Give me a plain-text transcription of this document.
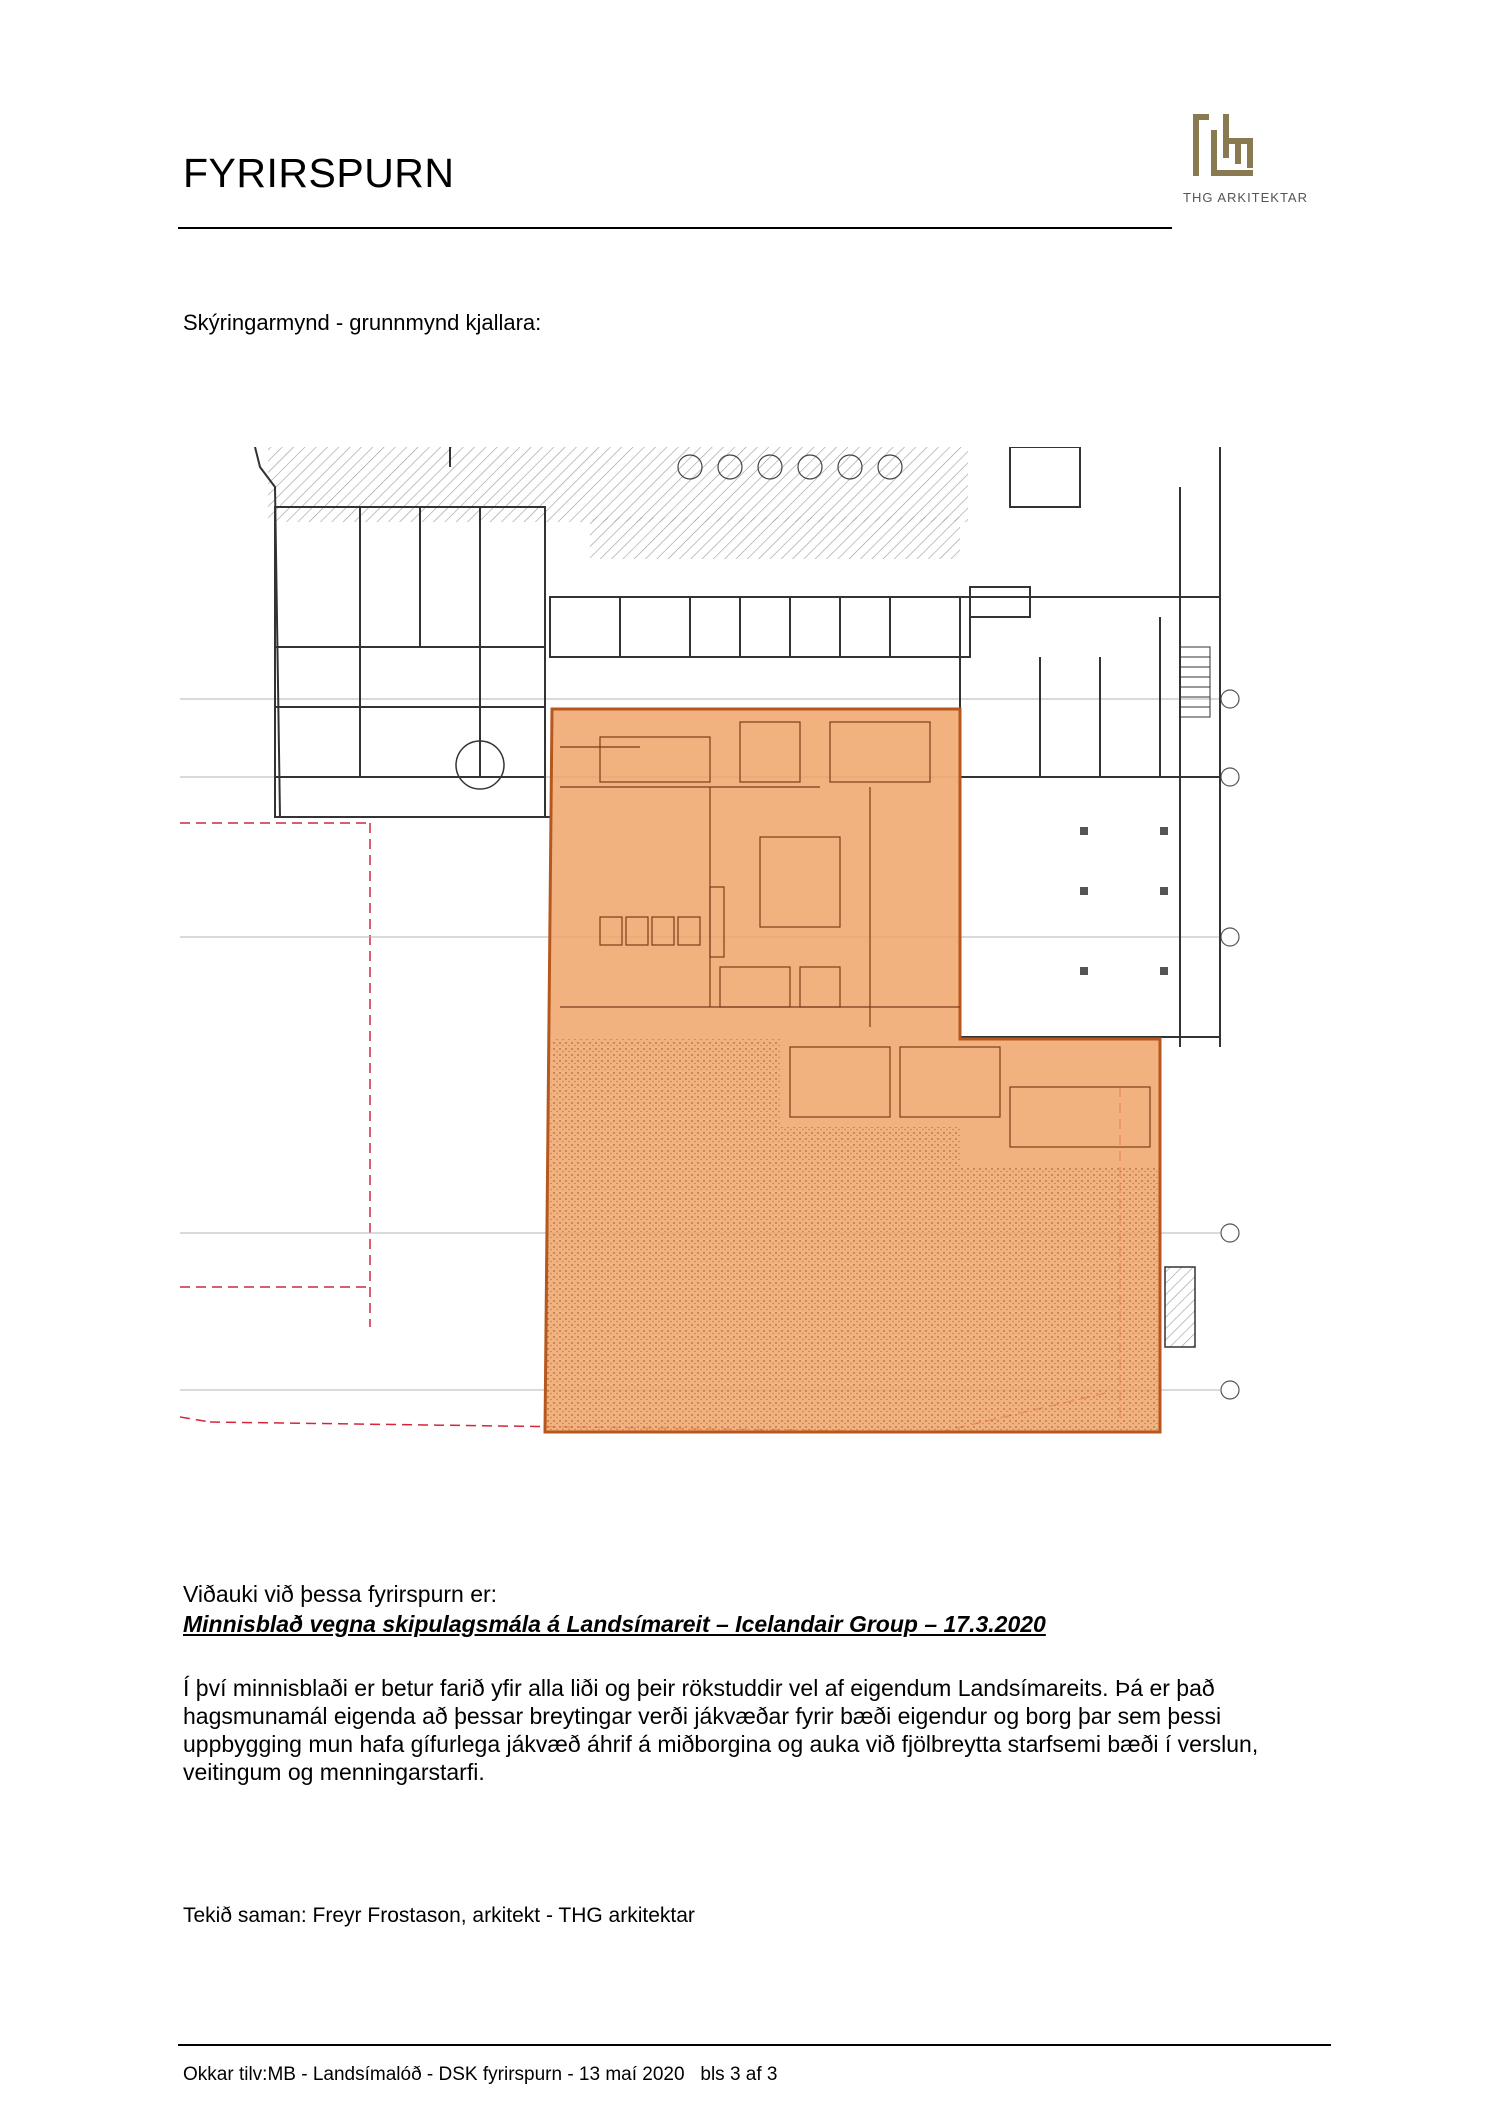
FYRIRSPURN
THG ARKITEKTAR
Skýringarmynd - grunnmynd kjallara:
Viðauki við þessa fyrirspurn er:
Minnisblað vegna skipulagsmála á Landsímareit – Icelandair Group – 17.3.2020

Í því minnisblaði er betur farið yfir alla liði og þeir rökstuddir vel af eigendum Landsímareits. Þá er það hagsmunamál eigenda að þessar breytingar verði jákvæðar fyrir bæði eigendur og borg þar sem þessi uppbygging mun hafa gífurlega jákvæð áhrif á miðborgina og auka við fjölbreytta starfsemi bæði í verslun, veitingum og menningarstarfi.

Tekið saman: Freyr Frostason, arkitekt - THG arkitektar
Okkar tilv:MB - Landsímalóð - DSK fyrirspurn - 13 maí 2020   bls 3 af 3
